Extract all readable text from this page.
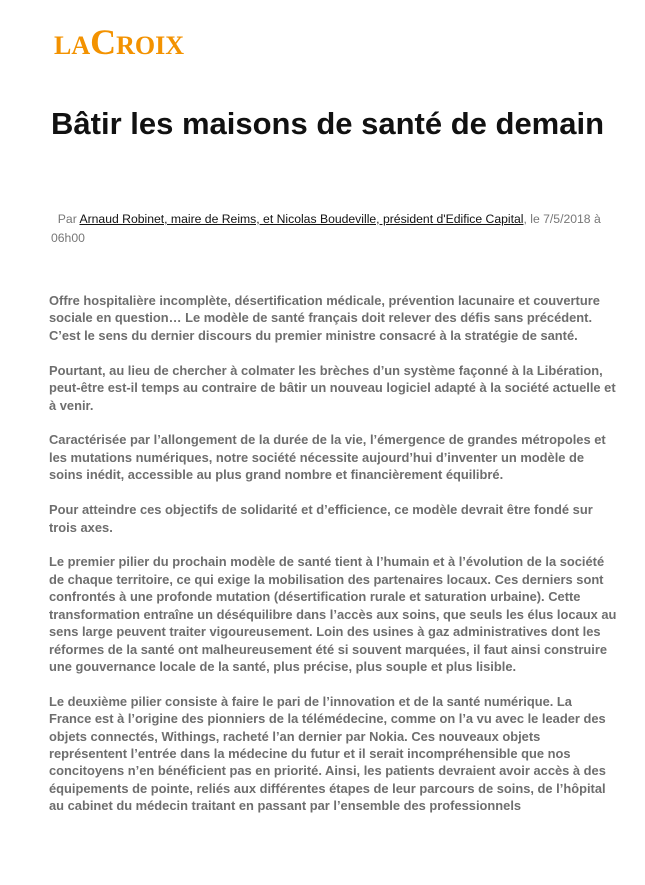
LACROIX
Bâtir les maisons de santé de demain
Par Arnaud Robinet, maire de Reims, et Nicolas Boudeville, président d'Edifice Capital, le 7/5/2018 à 06h00

Offre hospitalière incomplète, désertification médicale, prévention lacunaire et couverture sociale en question… Le modèle de santé français doit relever des défis sans précédent. C’est le sens du dernier discours du premier ministre consacré à la stratégie de santé.

Pourtant, au lieu de chercher à colmater les brèches d’un système façonné à la Libération, peut-être est-il temps au contraire de bâtir un nouveau logiciel adapté à la société actuelle et à venir.

Caractérisée par l’allongement de la durée de la vie, l’émergence de grandes métropoles et les mutations numériques, notre société nécessite aujourd’hui d’inventer un modèle de soins inédit, accessible au plus grand nombre et financièrement équilibré.

Pour atteindre ces objectifs de solidarité et d’efficience, ce modèle devrait être fondé sur trois axes.

Le premier pilier du prochain modèle de santé tient à l’humain et à l’évolution de la société de chaque territoire, ce qui exige la mobilisation des partenaires locaux. Ces derniers sont confrontés à une profonde mutation (désertification rurale et saturation urbaine). Cette transformation entraîne un déséquilibre dans l’accès aux soins, que seuls les élus locaux au sens large peuvent traiter vigoureusement. Loin des usines à gaz administratives dont les réformes de la santé ont malheureusement été si souvent marquées, il faut ainsi construire une gouvernance locale de la santé, plus précise, plus souple et plus lisible.

Le deuxième pilier consiste à faire le pari de l’innovation et de la santé numérique. La France est à l’origine des pionniers de la télémédecine, comme on l’a vu avec le leader des objets connectés, Withings, racheté l’an dernier par Nokia. Ces nouveaux objets représentent l’entrée dans la médecine du futur et il serait incompréhensible que nos concitoyens n’en bénéficient pas en priorité. Ainsi, les patients devraient avoir accès à des équipements de pointe, reliés aux différentes étapes de leur parcours de soins, de l’hôpital au cabinet du médecin traitant en passant par l’ensemble des professionnels
